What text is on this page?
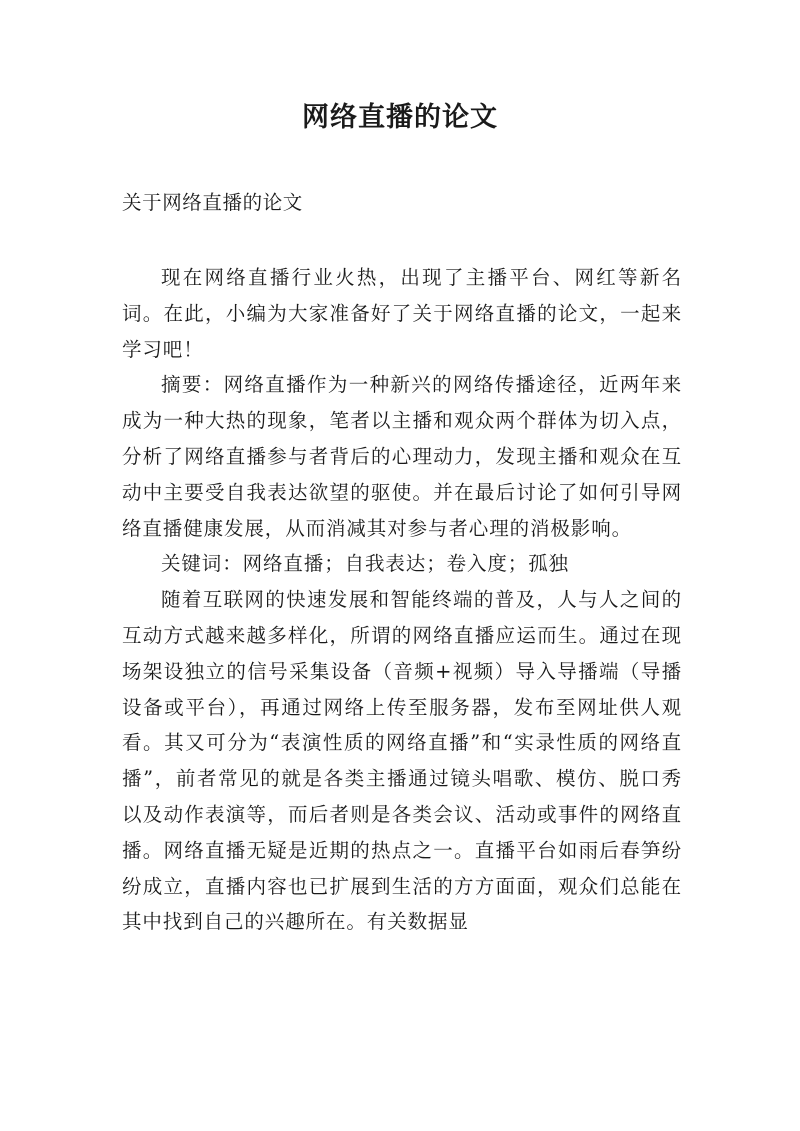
网络直播的论文

关于网络直播的论文

现在网络直播行业火热，出现了主播平台、网红等新名词。在此，小编为大家准备好了关于网络直播的论文，一起来学习吧！

摘要：网络直播作为一种新兴的网络传播途径，近两年来成为一种大热的现象，笔者以主播和观众两个群体为切入点，分析了网络直播参与者背后的心理动力，发现主播和观众在互动中主要受自我表达欲望的驱使。并在最后讨论了如何引导网络直播健康发展，从而消减其对参与者心理的消极影响。

关键词：网络直播；自我表达；卷入度；孤独

随着互联网的快速发展和智能终端的普及，人与人之间的互动方式越来越多样化，所谓的网络直播应运而生。通过在现场架设独立的信号采集设备（音频+视频）导入导播端（导播设备或平台），再通过网络上传至服务器，发布至网址供人观看。其又可分为“表演性质的网络直播”和“实录性质的网络直播”，前者常见的就是各类主播通过镜头唱歌、模仿、脱口秀以及动作表演等，而后者则是各类会议、活动或事件的网络直播。网络直播无疑是近期的热点之一。直播平台如雨后春笋纷纷成立，直播内容也已扩展到生活的方方面面，观众们总能在其中找到自己的兴趣所在。有关数据显
